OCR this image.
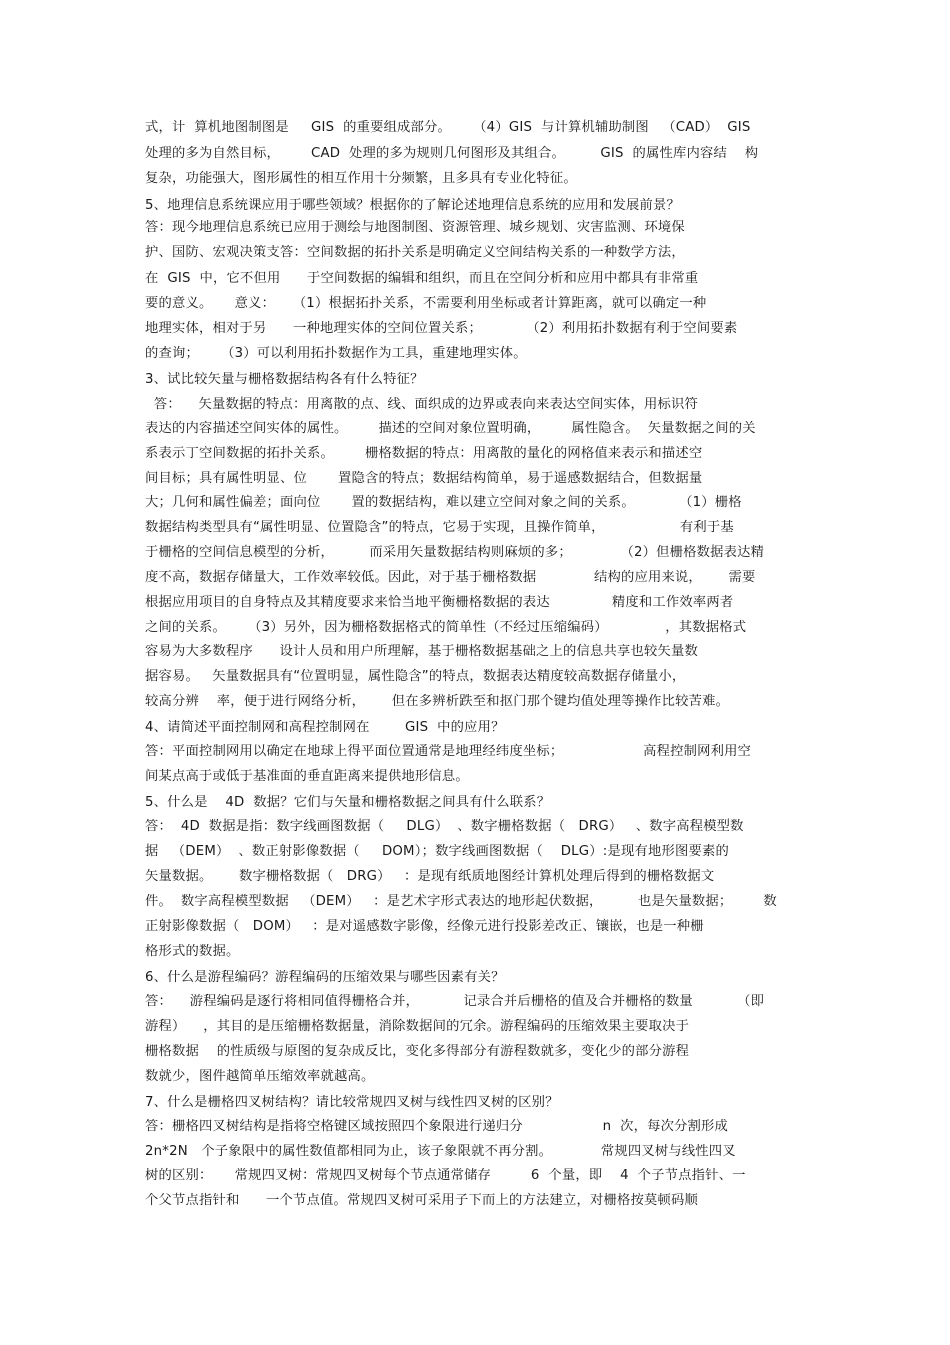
式，计  算机地图制图是     GIS  的重要组成部分。     （4）GIS  与计算机辅助制图   （CAD）  GIS
处理的多为自然目标，       CAD  处理的多为规则几何图形及其组合。        GIS  的属性库内容结    构
复杂，功能强大，图形属性的相互作用十分频繁，且多具有专业化特征。
5、地理信息系统课应用于哪些领域？根据你的了解论述地理信息系统的应用和发展前景？
答：现今地理信息系统已应用于测绘与地图制图、资源管理、城乡规划、灾害监测、环境保
护、国防、宏观决策支答：空间数据的拓扑关系是明确定义空间结构关系的一种数学方法，
在  GIS  中，它不但用      于空间数据的编辑和组织，而且在空间分析和应用中都具有非常重
要的意义。     意义：    （1）根据拓扑关系，不需要利用坐标或者计算距离，就可以确定一种
地理实体，相对于另      一种地理实体的空间位置关系；          （2）利用拓扑数据有利于空间要素
的查询；     （3）可以利用拓扑数据作为工具，重建地理实体。
3、试比较矢量与栅格数据结构各有什么特征？
答：    矢量数据的特点：用离散的点、线、面织成的边界或表向来表达空间实体，用标识符
表达的内容描述空间实体的属性。       描述的空间对象位置明确，       属性隐含。  矢量数据之间的关
系表示丁空间数据的拓扑关系。       栅格数据的特点：用离散的量化的网格值来表示和描述空
间目标；具有属性明显、位       置隐含的特点；数据结构简单，易于遥感数据结合，但数据量
大；几何和属性偏差；面向位       置的数据结构，难以建立空间对象之间的关系。          （1）栅格
数据结构类型具有“属性明显、位置隐含”的特点，它易于实现，且操作简单，                 有利于基
于栅格的空间信息模型的分析，        而采用矢量数据结构则麻烦的多；           （2）但栅格数据表达精
度不高，数据存储量大，工作效率较低。因此，对于基于栅格数据             结构的应用来说，      需要
根据应用项目的自身特点及其精度要求来恰当地平衡栅格数据的表达              精度和工作效率两者
之间的关系。     （3）另外，因为栅格数据格式的简单性（不经过压缩编码）             ，其数据格式
容易为大多数程序      设计人员和用户所理解，基于栅格数据基础之上的信息共享也较矢量数
据容易。   矢量数据具有“位置明显，属性隐含”的特点，数据表达精度较高数据存储量小，
较高分辨    率，便于进行网络分析，      但在多辨析跌至和抠门那个键均值处理等操作比较苦难。
4、请简述平面控制网和高程控制网在        GIS  中的应用？
答：平面控制网用以确定在地球上得平面位置通常是地理经纬度坐标；                  高程控制网利用空
间某点高于或低于基准面的垂直距离来提供地形信息。
5、什么是    4D  数据？它们与矢量和栅格数据之间具有什么联系？
答：  4D  数据是指：数字线画图数据（     DLG）  、数字栅格数据（   DRG）   、数字高程模型数
据   （DEM）  、数正射影像数据（     DOM）；数字线画图数据（    DLG）:是现有地形图要素的
矢量数据。      数字栅格数据（   DRG）   ：是现有纸质地图经计算机处理后得到的栅格数据文
件。  数字高程模型数据   （DEM）   ：是艺术字形式表达的地形起伏数据，        也是矢量数据；       数
正射影像数据（   DOM）   ：是对遥感数字影像，经像元进行投影差改正、镶嵌，也是一种栅
格形式的数据。
6、什么是游程编码？游程编码的压缩效果与哪些因素有关？
答：    游程编码是逐行将相同值得栅格合并，          记录合并后栅格的值及合并栅格的数量          （即
游程）    ，其目的是压缩栅格数据量，消除数据间的冗余。游程编码的压缩效果主要取决于
栅格数据    的性质级与原图的复杂成反比，变化多得部分有游程数就多，变化少的部分游程
数就少，图件越简单压缩效率就越高。
7、什么是栅格四叉树结构？请比较常规四叉树与线性四叉树的区别？
答：栅格四叉树结构是指将空格键区域按照四个象限进行递归分                  n  次，每次分割形成
2n*2N   个子象限中的属性数值都相同为止，该子象限就不再分割。           常规四叉树与线性四叉
树的区别：     常规四叉树：常规四叉树每个节点通常储存         6  个量，即    4  个子节点指针、一
个父节点指针和      一个节点值。常规四叉树可采用子下而上的方法建立，对栅格按莫顿码顺
